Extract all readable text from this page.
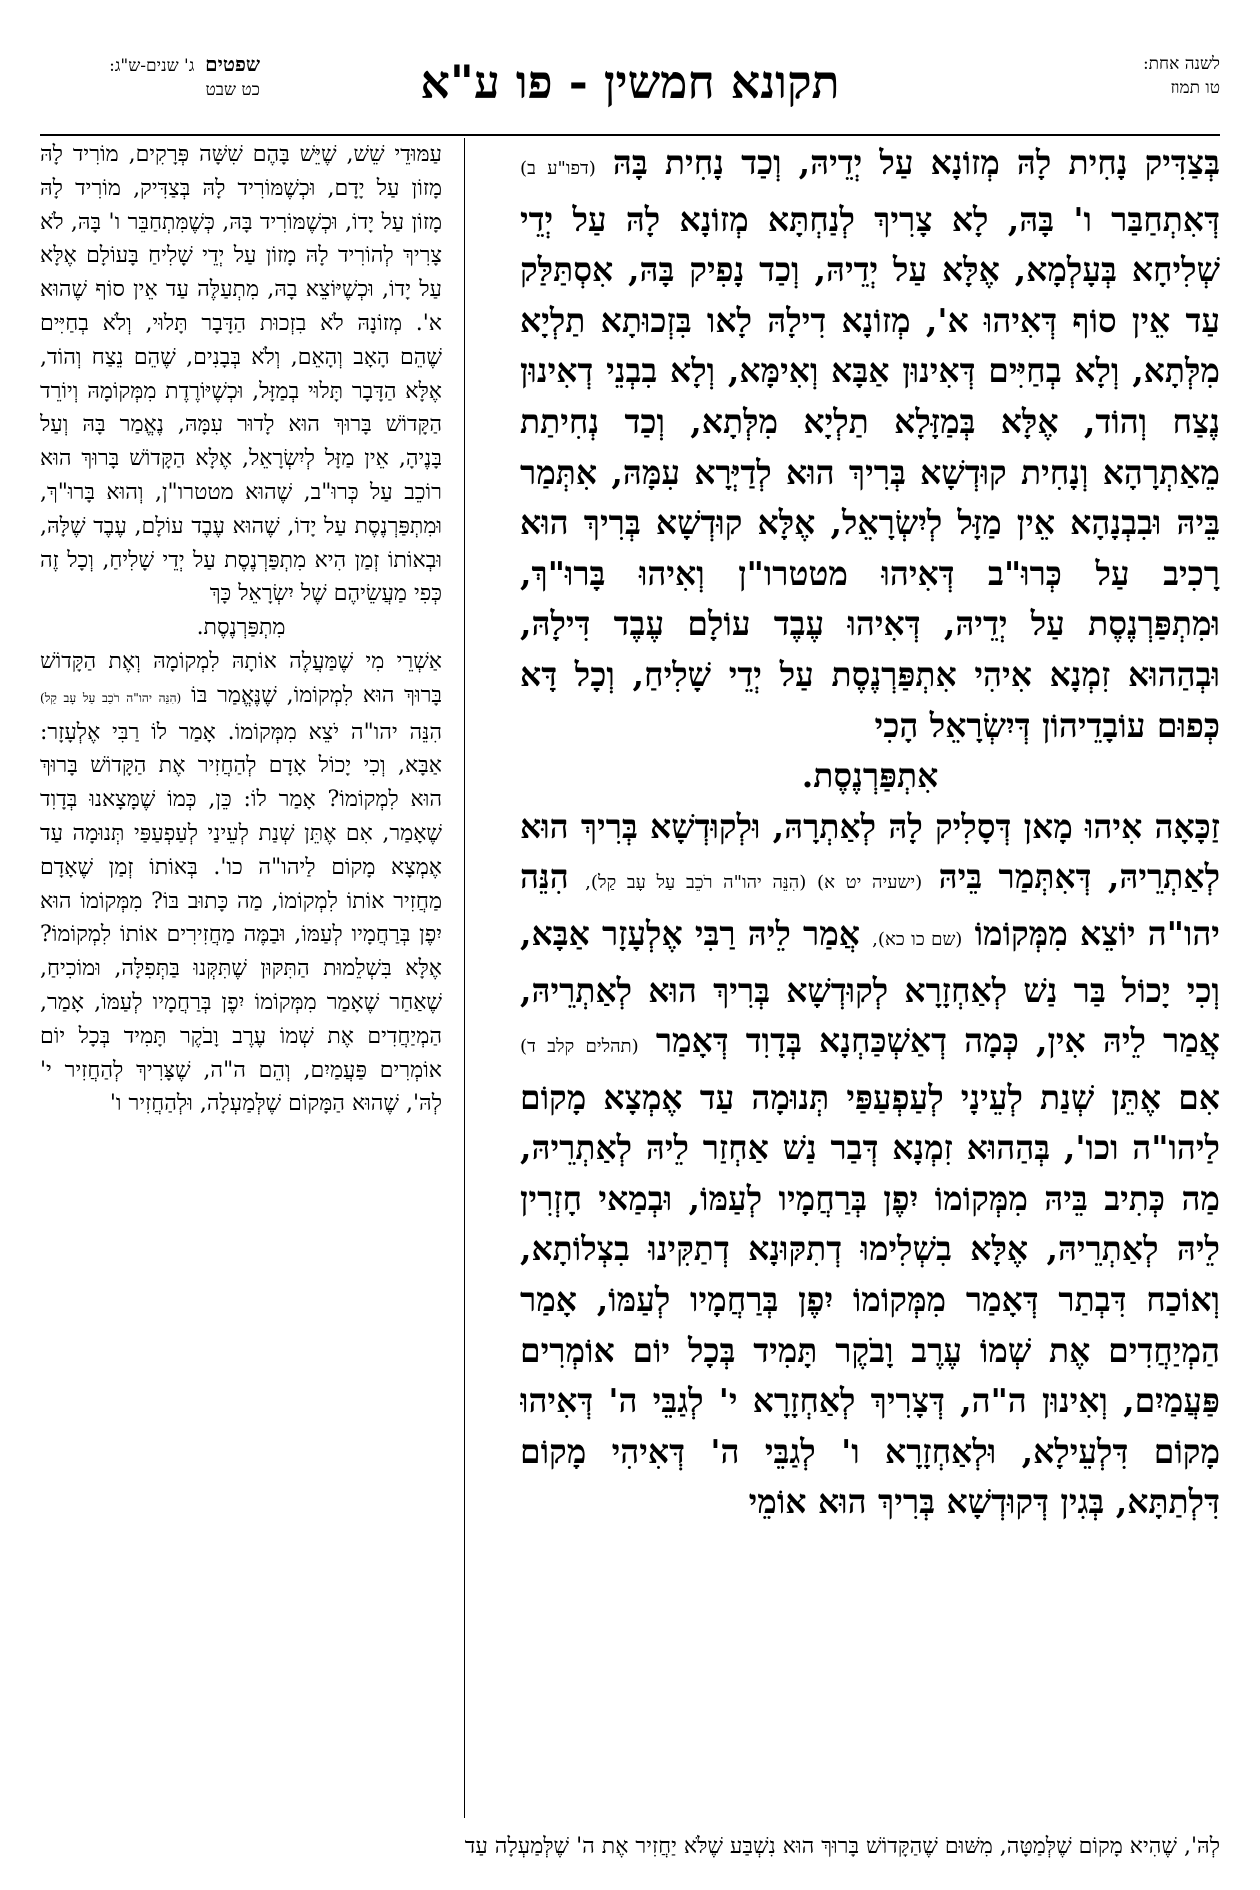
שפטים  ג' שנים-ש"ג:
כט שבט	תקונא חמשין - פו ע"א	לשנה אחת:
טו תמוז

בְּצַדִּיק נָחִית לָהּ מְזוֹנָא עַל יְדֵיהּ, וְכַד נָחִית בָּהּ (דפו"ע ב) דְּאִתְחַבַּר ו' בָּהּ, לָא צָרִיךְ לְנַחְתָּא מְזוֹנָא לָהּ עַל יְדֵי שְׁלִיחָא בְּעָלְמָא, אֶלָּא עַל יְדֵיהּ, וְכַד נָפִיק בָּהּ, אִסְתַּלַּק עַד אֵין סוֹף דְּאִיהוּ א', מְזוֹנָא דִילָהּ לָאו בִּזְכוּתָא תַלְיָא מִלְּתָא, וְלָא בְחַיִּים דְּאִינוּן אַבָּא וְאִימָּא, וְלָא בִבְנֵי דְאִינוּן נֶצַח וְהוֹד, אֶלָּא בְּמַזָּלָא תַלְיָא מִלְּתָא, וְכַד נְחִיתַת מֵאַתְרָהָא וְנָחִית קוּדְשָׁא בְּרִיךְ הוּא לְדַיְּרָא עִמָּהּ, אִתְּמַר בֵּיהּ וּבִבְנָהָא אֵין מַזָּל לְיִשְׂרָאֵל, אֶלָּא קוּדְשָׁא בְּרִיךְ הוּא רָכִיב עַל כְּרוּ"ב דְּאִיהוּ מטטרו"ן וְאִיהוּ בָּרוּ"ךְ, וּמִתְפַּרְנֶסֶת עַל יְדֵיהּ, דְּאִיהוּ עֶבֶד עוֹלָם עֶבֶד דִּילָהּ, וּבְהַהוּא זִמְנָא אִיהִי אִתְפַּרְנֶסֶת עַל יְדֵי שָׁלִיחַ, וְכָל דָּא כְּפוּם עוֹבָדֵיהוֹן דְּיִשְׂרָאֵל הָכִי

אִתְפַּרְנֶסֶת.

זַכָּאָה אִיהוּ מָאן דְּסָלִיק לָהּ לְאַתְרָהּ, וּלְקוּדְשָׁא בְּרִיךְ הוּא לְאַתְרֵיהּ, דְּאִתְּמַר בֵּיהּ (ישעיה יט א) (הִנֵּה יהו"ה רֹכֵב עַל עָב קַל), הִנֵּה יהו"ה יוֹצֵא מִמְּקוֹמוֹ (שם כו כא), אֲמַר לֵיהּ רַבִּי אֶלְעָזָר אַבָּא, וְכִי יָכוֹל בַּר נַשׁ לְאַחְזָרָא לְקוּדְשָׁא בְּרִיךְ הוּא לְאַתְרֵיהּ, אֲמַר לֵיהּ אִין, כְּמָה דְאַשְׁכַּחְנָא בְּדָוִד דְּאָמַר (תהלים קלב ד) אִם אֶתֵּן שְׁנַת לְעֵינָי לְעַפְעַפַּי תְּנוּמָה עַד אֶמְצָא מָקוֹם לַיהו"ה וכו', בְּהַהוּא זִמְנָא דְּבַר נַשׁ אַחְזַר לֵיהּ לְאַתְרֵיהּ, מַה כְּתִיב בֵּיהּ מִמְּקוֹמוֹ יִפֶן בְּרַחֲמָיו לְעַמּוֹ, וּבְמַאי חָזְרִין לֵיהּ לְאַתְרֵיהּ, אֶלָּא בִשְׁלִימוּ דְתִקּוּנָא דְתַקִּינוּ בִצְלוֹתָא, וְאוֹכַח דִּבְתַר דְּאָמַר מִמְּקוֹמוֹ יִפֶן בְּרַחֲמָיו לְעַמּוֹ, אָמַר הַמְיַחֲדִים אֶת שְׁמוֹ עֶרֶב וָבֹקֶר תָּמִיד בְּכָל יוֹם אוֹמְרִים פַּעֲמַיִם, וְאִינוּן ה"ה, דְּצָרִיךְ לְאַחְזָרָא י' לְגַבֵּי ה' דְּאִיהוּ מָקוֹם דִּלְעֵילָא, וּלְאַחְזָרָא ו' לְגַבֵּי ה' דְּאִיהִי מָקוֹם דִּלְתַתָּא, בְּגִין דְּקוּדְשָׁא בְּרִיךְ הוּא אוֹמֵי

עַמּוּדֵי שֵׁשׁ, שֶׁיֵּשׁ בָּהֶם שִׁשָּׁה פְּרָקִים, מוֹרִיד לָהּ מָזוֹן עַל יָדָם, וּכְשֶׁמּוֹרִיד לָהּ בְּצַדִּיק, מוֹרִיד לָהּ מָזוֹן עַל יָדוֹ, וּכְשֶׁמּוֹרִיד בָּהּ, כְּשֶׁמִּתְחַבֵּר ו' בָּהּ, לֹא צָרִיךְ לְהוֹרִיד לָהּ מָזוֹן עַל יְדֵי שָׁלִיחַ בָּעוֹלָם אֶלָּא עַל יָדוֹ, וּכְשֶׁיּוֹצֵא בָהּ, מִתְעַלֶּה עַד אֵין סוֹף שֶׁהוּא א'. מְזוֹנָהּ לֹא בִזְכוּת הַדָּבָר תָּלוּי, וְלֹא בְחַיִּים שֶׁהֵם הָאָב וְהָאֵם, וְלֹא בְּבָנִים, שֶׁהֵם נֵצַח וְהוֹד, אֶלָּא הַדָּבָר תָּלוּי בְמַזָּל, וּכְשֶׁיּוֹרֶדֶת מִמְּקוֹמָהּ וְיוֹרֵד הַקָּדוֹשׁ בָּרוּךְ הוּא לָדוּר עִמָּהּ, נֶאֱמַר בָּהּ וְעַל בָּנֶיהָ, אֵין מַזָּל לְיִשְׂרָאֵל, אֶלָּא הַקָּדוֹשׁ בָּרוּךְ הוּא רוֹכֵב עַל כְּרוּ"ב, שֶׁהוּא מטטרו"ן, וְהוּא בָּרוּ"ךְ, וּמִתְפַּרְנֶסֶת עַל יָדוֹ, שֶׁהוּא עֶבֶד עוֹלָם, עֶבֶד שֶׁלָּהּ, וּבְאוֹתוֹ זְמַן הִיא מִתְפַּרְנֶסֶת עַל יְדֵי שָׁלִיחַ, וְכָל זֶה כְּפִי מַעֲשֵׂיהֶם שֶׁל יִשְׂרָאֵל כָּךְ

מִתְפַּרְנֶסֶת.

אַשְׁרֵי מִי שֶׁמַּעֲלֶה אוֹתָהּ לִמְקוֹמָהּ וְאֶת הַקָּדוֹשׁ בָּרוּךְ הוּא לִמְקוֹמוֹ, שֶׁנֶּאֱמַר בּוֹ (הִנֵּה יהו"ה רֹכֵב עַל עָב קַל) הִנֵּה יהו"ה יֹצֵא מִמְּקוֹמוֹ. אָמַר לוֹ רַבִּי אֶלְעָזָר: אַבָּא, וְכִי יָכוֹל אָדָם לְהַחֲזִיר אֶת הַקָּדוֹשׁ בָּרוּךְ הוּא לִמְקוֹמוֹ? אָמַר לוֹ: כֵּן, כְּמוֹ שֶׁמָּצָאנוּ בְּדָוִד שֶׁאָמַר, אִם אֶתֵּן שְׁנַת לְעֵינַי לְעַפְעַפַּי תְּנוּמָה עַד אֶמְצָא מָקוֹם לַיהו"ה כו'. בְּאוֹתוֹ זְמַן שֶׁאָדָם מַחֲזִיר אוֹתוֹ לִמְקוֹמוֹ, מַה כָּתוּב בּוֹ? מִמְּקוֹמוֹ הוּא יִפֶן בְּרַחֲמָיו לְעַמּוֹ, וּבַמֶּה מַחֲזִירִים אוֹתוֹ לִמְקוֹמוֹ? אֶלָּא בִּשְׁלֵמוּת הַתִּקּוּן שֶׁתִּקְּנוּ בַּתְּפִלָּה, וּמוֹכִיחַ, שֶׁאַחַר שֶׁאָמַר מִמְּקוֹמוֹ יִפֶן בְּרַחֲמָיו לְעַמּוֹ, אָמַר, הַמְיַחֲדִים אֶת שְׁמוֹ עֶרֶב וָבֹקֶר תָּמִיד בְּכָל יוֹם אוֹמְרִים פַּעֲמַיִם, וְהֵם ה"ה, שֶׁצָּרִיךְ לְהַחֲזִיר י' לְהּ', שֶׁהוּא הַמָּקוֹם שֶׁלְּמַעְלָה, וּלְהַחֲזִיר ו'

לְהּ', שֶׁהִיא מָקוֹם שֶׁלְּמַטָּה, מִשּׁוּם שֶׁהַקָּדוֹשׁ בָּרוּךְ הוּא נִשְׁבַּע שֶׁלֹּא יַחֲזִיר אֶת ה' שֶׁלְּמַעְלָה עַד
